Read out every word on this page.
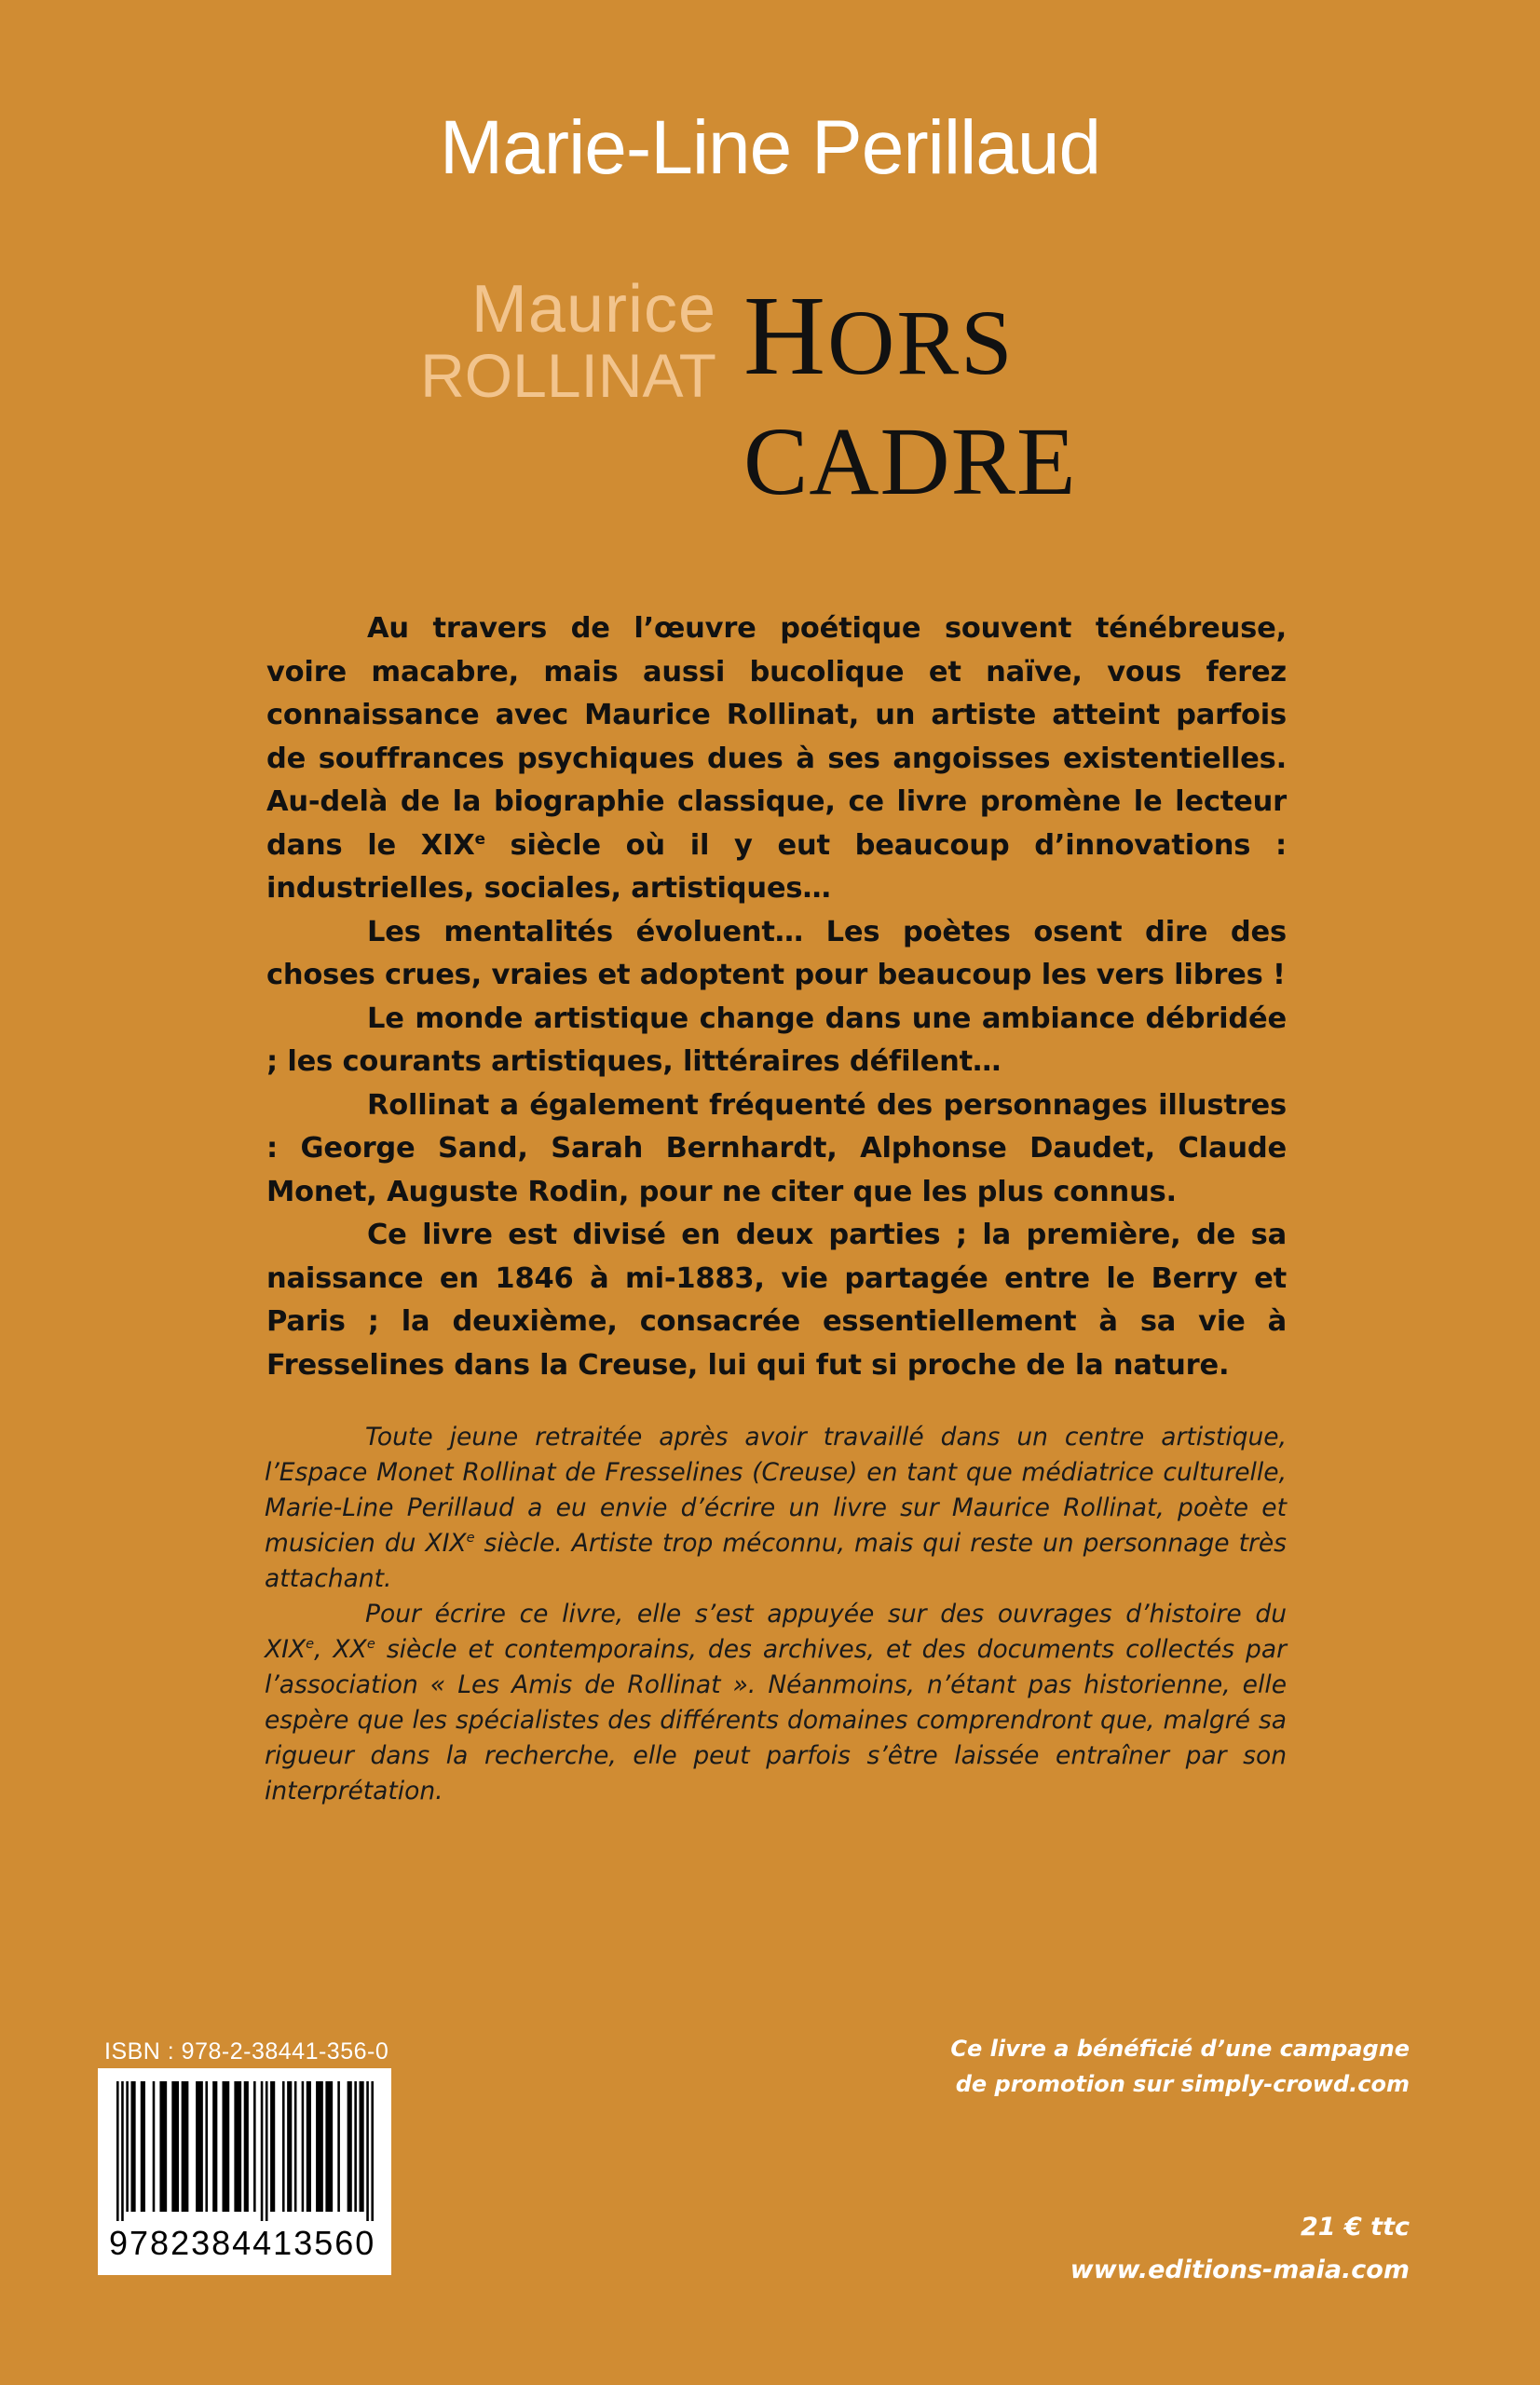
Marie-Line Perillaud
Maurice
ROLLINAT HORS
CADRE

Au travers de l’œuvre poétique souvent ténébreuse, voire macabre, mais aussi bucolique et naïve, vous ferez connaissance avec Maurice Rollinat, un artiste atteint parfois de souffrances psychiques dues à ses angoisses existentielles. Au-delà de la biographie classique, ce livre promène le lecteur dans le XIXe siècle où il y eut beaucoup d’innovations : industrielles, sociales, artistiques…

Les mentalités évoluent… Les poètes osent dire des choses crues, vraies et adoptent pour beaucoup les vers libres !

Le monde artistique change dans une ambiance débridée ; les courants artistiques, littéraires défilent…

Rollinat a également fréquenté des personnages illustres : George Sand, Sarah Bernhardt, Alphonse Daudet, Claude Monet, Auguste Rodin, pour ne citer que les plus connus.

Ce livre est divisé en deux parties ; la première, de sa naissance en 1846 à mi-1883, vie partagée entre le Berry et Paris ; la deuxième, consacrée essentiellement à sa vie à Fresselines dans la Creuse, lui qui fut si proche de la nature.

Toute jeune retraitée après avoir travaillé dans un centre artistique, l’Espace Monet Rollinat de Fresselines (Creuse) en tant que médiatrice culturelle, Marie-Line Perillaud a eu envie d’écrire un livre sur Maurice Rollinat, poète et musicien du XIXe siècle. Artiste trop méconnu, mais qui reste un personnage très attachant.

Pour écrire ce livre, elle s’est appuyée sur des ouvrages d’histoire du XIXe, XXe siècle et contemporains, des archives, et des documents collectés par l’association « Les Amis de Rollinat ». Néanmoins, n’étant pas historienne, elle espère que les spécialistes des différents domaines comprendront que, malgré sa rigueur dans la recherche, elle peut parfois s’être laissée entraîner par son interprétation.

ISBN : 978-2-38441-356-0
9782384413560
Ce livre a bénéficié d’une campagne
de promotion sur simply-crowd.com
21 € ttc
www.editions-maia.com
